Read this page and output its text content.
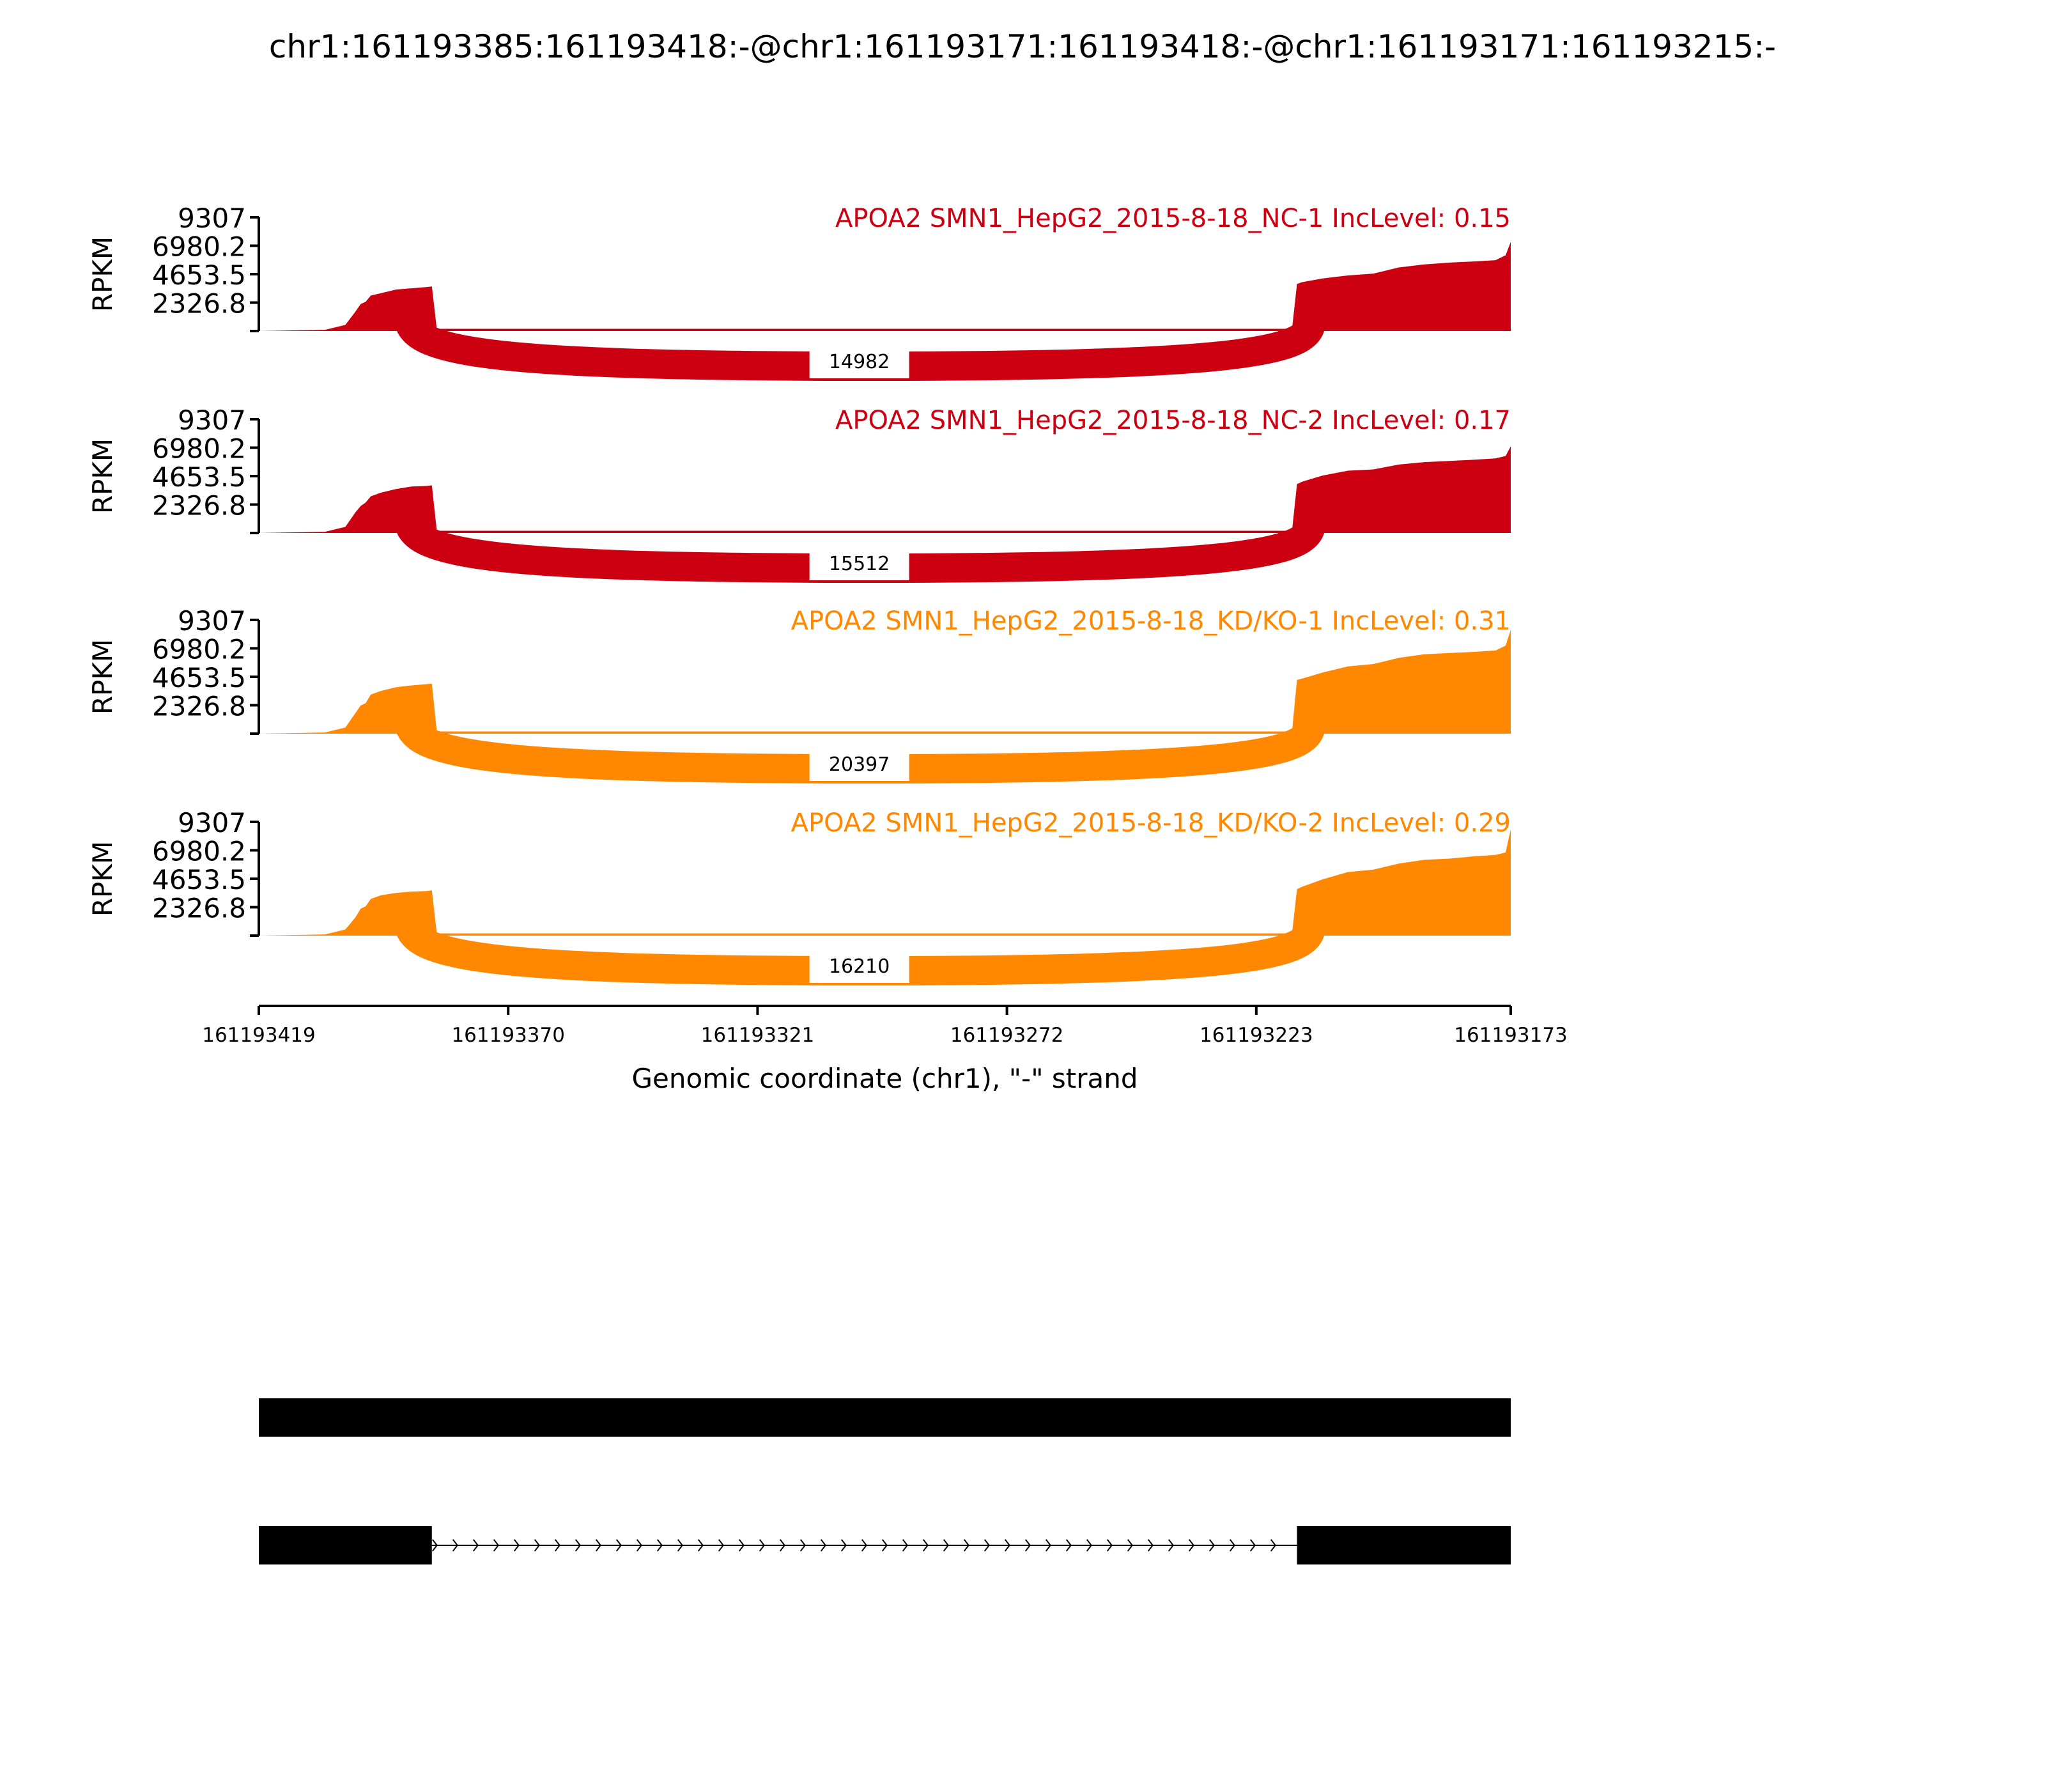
chr1:161193385:161193418:-@chr1:161193171:161193418:-@chr1:161193171:161193215:-
14982
9307
6980.2
4653.5
2326.8
RPKM
APOA2 SMN1_HepG2_2015-8-18_NC-1 IncLevel: 0.15
15512
9307
6980.2
4653.5
2326.8
RPKM
APOA2 SMN1_HepG2_2015-8-18_NC-2 IncLevel: 0.17
20397
9307
6980.2
4653.5
2326.8
RPKM
APOA2 SMN1_HepG2_2015-8-18_KD/KO-1 IncLevel: 0.31
16210
9307
6980.2
4653.5
2326.8
RPKM
APOA2 SMN1_HepG2_2015-8-18_KD/KO-2 IncLevel: 0.29
161193419	161193370	161193321	161193272	161193223	161193173
Genomic coordinate (chr1), "-" strand
